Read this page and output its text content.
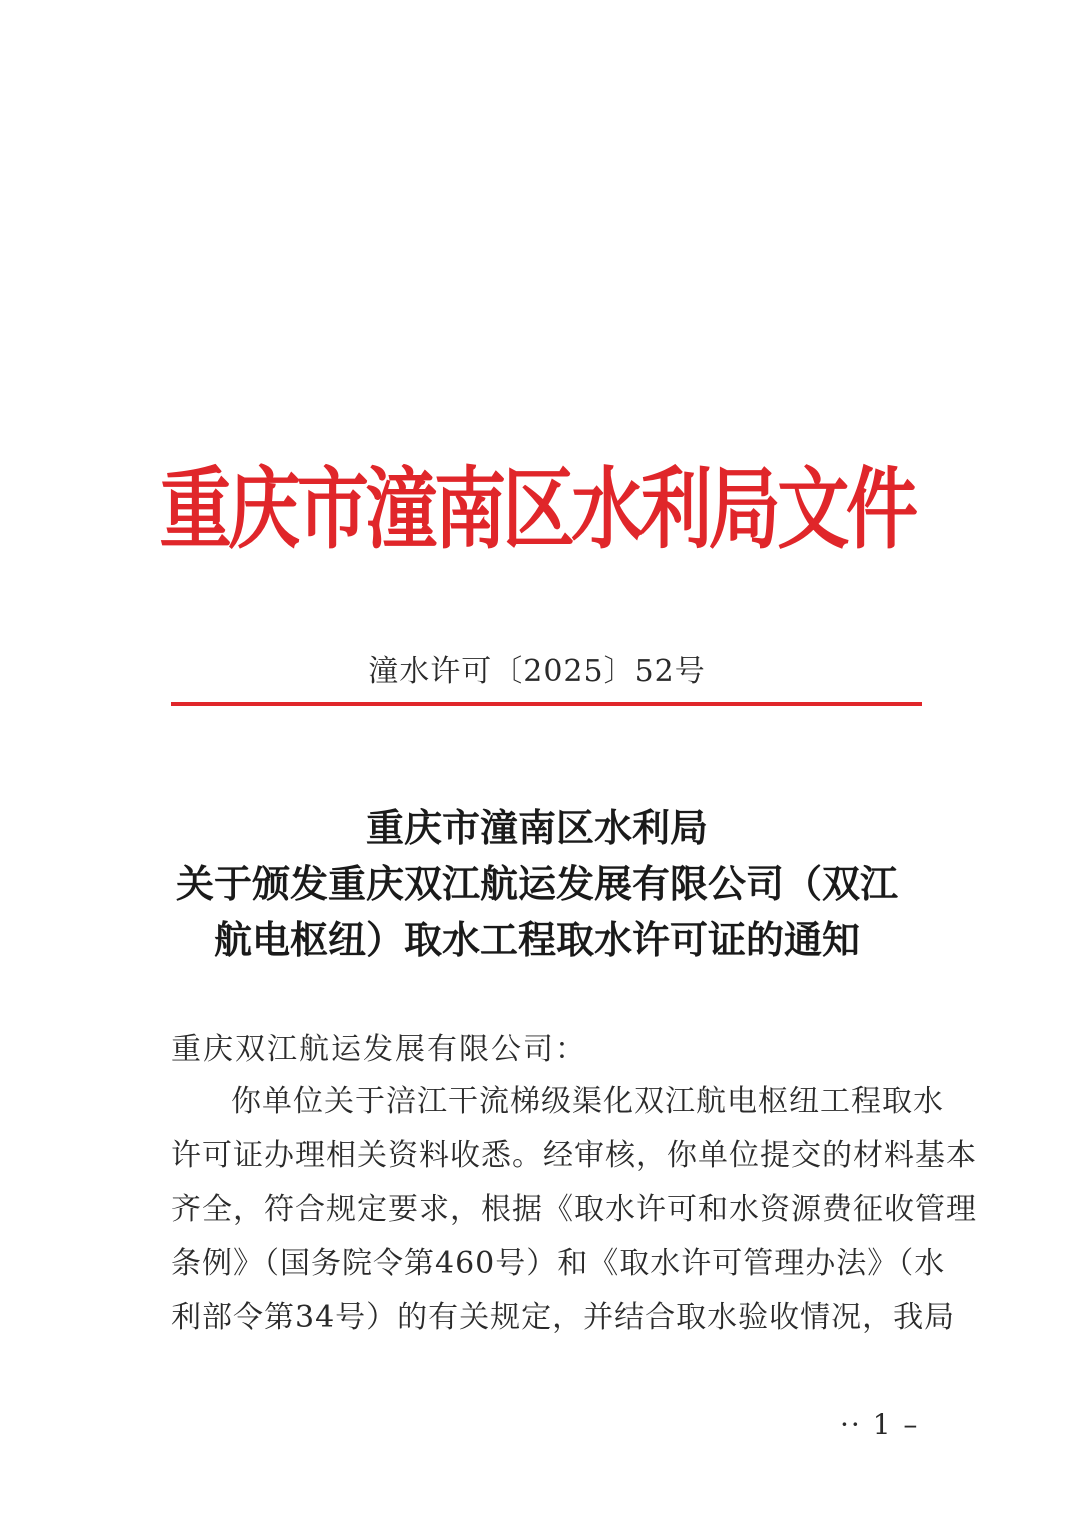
重庆市潼南区水利局文件
潼水许可〔2025〕52号
重庆市潼南区水利局
关于颁发重庆双江航运发展有限公司（双江
航电枢纽）取水工程取水许可证的通知
重庆双江航运发展有限公司：
你单位关于涪江干流梯级渠化双江航电枢纽工程取水
许可证办理相关资料收悉。经审核，你单位提交的材料基本
齐全，符合规定要求，根据《取水许可和水资源费征收管理
条例》（国务院令第460号）和《取水许可管理办法》（水
利部令第34号）的有关规定，并结合取水验收情况，我局
·· 1 –
